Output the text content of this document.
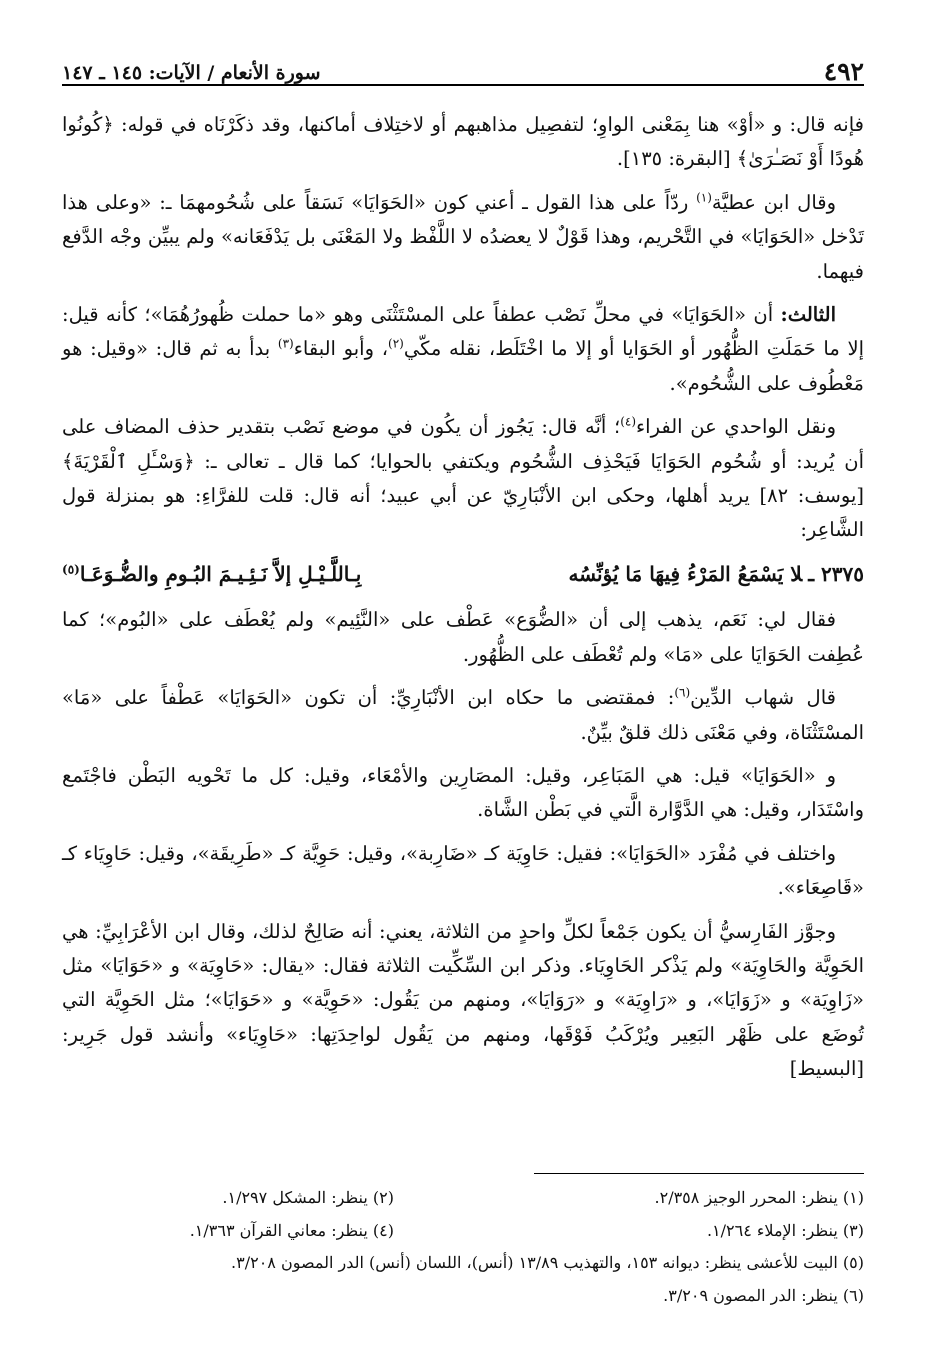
٤٩٢
سورة الأنعام / الآيات: ١٤٥ ـ ١٤٧

فإنه قال: و «أوْ» هنا بِمَعْنى الواوِ؛ لتفصِيل مذاهبهم أو لاختِلاف أماكنها، وقد ذكَرْنَاه في قوله: ﴿كُونُوا هُودًا أَوْ نَصَـٰرَىٰ﴾ [البقرة: ١٣٥].

وقال ابن عطيَّة$^{(١)}$ ردّاً على هذا القول ـ أعني كون «الحَوَايَا» نَسَقاً على شُحُومهمَا ـ: «وعلى هذا تَدْخل «الحَوَايَا» في التَّحْريم، وهذا قَوْلٌ لا يعضدُه لا اللَّفْظ ولا المَعْنَى بل يَدْفَعَانه» ولم يبيِّن وجْه الدَّفع فيهما.

الثالث: أن «الحَوَايَا» في محلِّ نَصْب عطفاً على المسْتَثْنَى وهو «ما حملت ظُهورُهُمَا»؛ كأنه قيل: إلا ما حَمَلَتِ الظُّهُور أو الحَوَايا أو إلا ما اخْتَلَط، نقله مكّي$^{(٢)}$، وأبو البقاء$^{(٣)}$ بدأ به ثم قال: «وقيل: هو مَعْطُوف على الشُّحُوم».

ونقل الواحدي عن الفراء$^{(٤)}$؛ أنَّه قال: يَجُوز أن يكُون في موضع نَصْب بتقدير حذف المضاف على أن يُريد: أو شُحُوم الحَوَايَا فَيَحْذِف الشُّحُوم ويكتفي بالحوايا؛ كما قال ـ تعالى ـ: ﴿وَسْـَٔلِ ٱلْقَرْيَةَ﴾ [يوسف: ٨٢] يريد أهلها، وحكى ابن الأنْبَارِيّ عن أبي عبيد؛ أنه قال: قلت للفرَّاءِ: هو بمنزلة قول الشَّاعِر:

٢٣٧٥ ـلا يَسْمَعُ المَرْءُ فِيهَا مَا يُؤنِّسُه
بِـاللَّـيْـلِ إلاَّ نَـئِـيـمَ البُـومِ والضُّـوَعَـا$^{(٥)}$

فقال لي: نَعَم، يذهب إلى أن «الضُّوَع» عَطْف على «النَّئِيم» ولم يُعْطَف على «البُوم»؛ كما عُطِفت الحَوَايَا على «مَا» ولم تُعْطَف على الظُّهُور.

قال شهاب الدِّين$^{(٦)}$: فمقتضى ما حكاه ابن الأنْبَارِيِّ: أن تكون «الحَوَايَا» عَطْفاً على «مَا» المسْتَثْنَاة، وفي مَعْنَى ذلك قلقٌ بيِّنٌ.

و «الحَوَايَا» قيل: هي المَبَاعِر، وقيل: المصَارِين والأمْعَاء، وقيل: كل ما تَحْويه البَطْن فاجْتَمع واسْتَدَار، وقيل: هي الدَّوَّارة الَّتي في بَطْن الشَّاة.

واختلف في مُفْرَد «الحَوَايَا»: فقيل: حَاوِيَة كـ «ضَارِبة»، وقيل: حَوِيَّة كـ «طَرِيقَة»، وقيل: حَاوِيَاء كـ «قَاصِعَاء».

وجوَّز الفَارِسيُّ أن يكون جَمْعاً لكلِّ واحدٍ من الثلاثة، يعني: أنه صَالِحٌ لذلك، وقال ابن الأعْرَابِيِّ: هي الحَوِيَّة والحَاوِيَة» ولم يَذْكر الحَاوِيَاء. وذكر ابن السِّكِّيت الثلاثة فقال: «يقال: «حَاوِيَة» و «حَوَايَا» مثل «زَاوِيَة» و «زَوَايَا»، و «رَاوِيَة» و «رَوَايَا»، ومنهم من يَقُول: «حَوِيَّة» و «حَوَايَا»؛ مثل الحَوِيَّة التي تُوضَع على ظَهْر البَعِير ويُرْكَبُ فَوْقَها، ومنهم من يَقُول لواحِدَتِها: «حَاوِيَاء» وأنشد قول جَرِير: [البسيط]

(١) ينظر: المحرر الوجيز ٢/٣٥٨.
(٢) ينظر: المشكل ١/٢٩٧.
(٣) ينظر: الإملاء ١/٢٦٤.
(٤) ينظر: معاني القرآن ١/٣٦٣.
(٥) البيت للأعشى ينظر: ديوانه ١٥٣، والتهذيب ١٣/٨٩ (أنس)، اللسان (أنس) الدر المصون ٣/٢٠٨.
(٦) ينظر: الدر المصون ٣/٢٠٩.
